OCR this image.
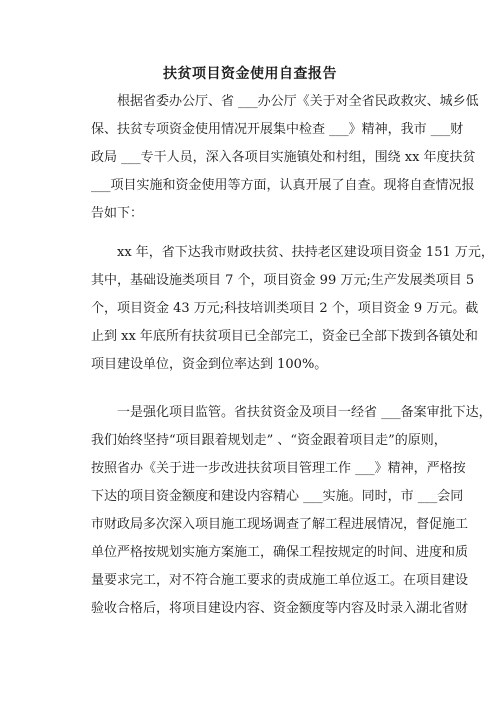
扶贫项目资金使用自查报告
根据省委办公厅、省 ___办公厅《关于对全省民政救灾、城乡低
保、扶贫专项资金使用情况开展集中检查 ___》精神，我市 ___财
政局 ___专干人员，深入各项目实施镇处和村组，围绕 xx 年度扶贫
___项目实施和资金使用等方面，认真开展了自查。现将自查情况报
告如下：
xx 年，省下达我市财政扶贫、扶持老区建设项目资金 151 万元，
其中，基础设施类项目 7 个，项目资金 99 万元;生产发展类项目 5
个，项目资金 43 万元;科技培训类项目 2 个，项目资金 9 万元。截
止到 xx 年底所有扶贫项目已全部完工，资金已全部下拨到各镇处和
项目建设单位，资金到位率达到 100%。
一是强化项目监管。省扶贫资金及项目一经省 ___备案审批下达，
我们始终坚持“项目跟着规划走” 、“资金跟着项目走”的原则，
按照省办《关于进一步改进扶贫项目管理工作 ___》精神，严格按
下达的项目资金额度和建设内容精心 ___实施。同时，市 ___会同
市财政局多次深入项目施工现场调查了解工程进展情况，督促施工
单位严格按规划实施方案施工，确保工程按规定的时间、进度和质
量要求完工，对不符合施工要求的责成施工单位返工。在项目建设
验收合格后，将项目建设内容、资金额度等内容及时录入湖北省财
